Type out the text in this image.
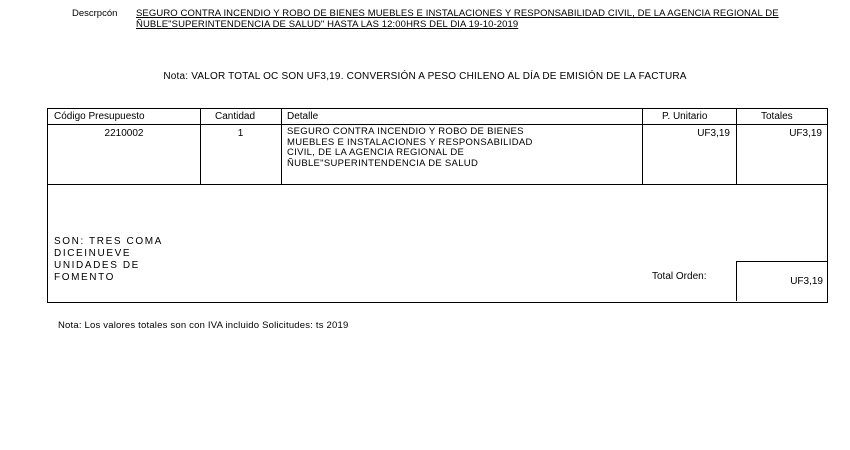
Descrpcón SEGURO CONTRA INCENDIO Y ROBO DE BIENES MUEBLES E INSTALACIONES Y RESPONSABILIDAD CIVIL, DE LA AGENCIA REGIONAL DE ÑUBLE"SUPERINTENDENCIA DE SALUD" HASTA LAS 12:00HRS DEL DIA 19-10-2019
Nota: VALOR TOTAL OC SON UF3,19. CONVERSIÓN A PESO CHILENO AL DÍA DE EMISIÓN DE LA FACTURA
Código Presupuesto	Cantidad	Detalle	P. Unitario	Totales
2210002	1	SEGURO CONTRA INCENDIO Y ROBO DE BIENES
MUEBLES E INSTALACIONES Y RESPONSABILIDAD
CIVIL, DE LA AGENCIA REGIONAL DE
ÑUBLE"SUPERINTENDENCIA DE SALUD
UF3,19	UF3,19
SON: TRES COMA
DICEINUEVE
UNIDADES DE
FOMENTO	Total Orden:	UF3,19
Nota: Los valores totales son con IVA incluido Solicitudes: ts 2019
